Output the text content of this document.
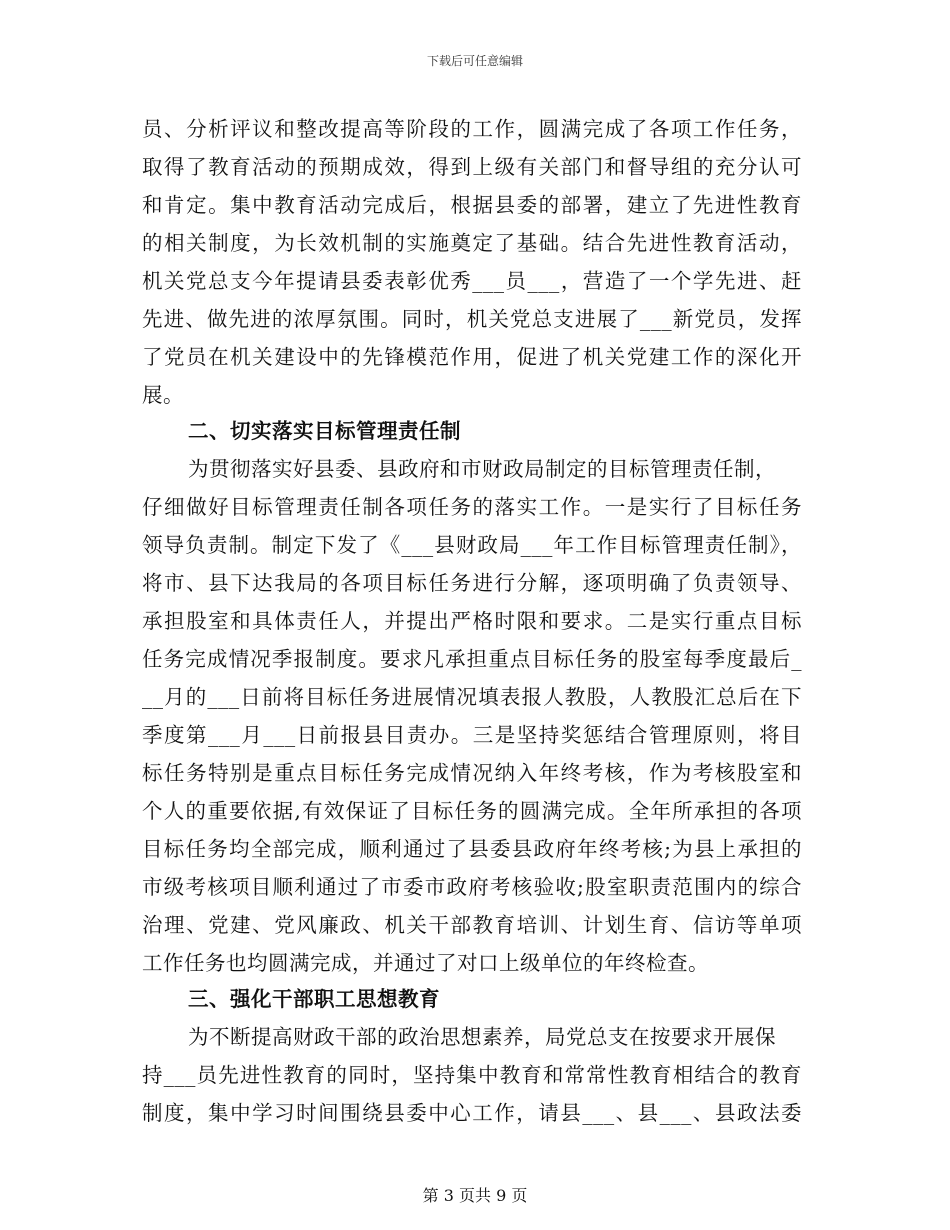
下载后可任意编辑
员、分析评议和整改提高等阶段的工作，圆满完成了各项工作任务，
取得了教育活动的预期成效，得到上级有关部门和督导组的充分认可
和肯定。集中教育活动完成后，根据县委的部署，建立了先进性教育
的相关制度，为长效机制的实施奠定了基础。结合先进性教育活动，
机关党总支今年提请县委表彰优秀___员___，营造了一个学先进、赶
先进、做先进的浓厚氛围。同时，机关党总支进展了___新党员，发挥
了党员在机关建设中的先锋模范作用，促进了机关党建工作的深化开
展。
二、切实落实目标管理责任制
为贯彻落实好县委、县政府和市财政局制定的目标管理责任制，
仔细做好目标管理责任制各项任务的落实工作。一是实行了目标任务
领导负责制。制定下发了《___县财政局___年工作目标管理责任制》，
将市、县下达我局的各项目标任务进行分解，逐项明确了负责领导、
承担股室和具体责任人，并提出严格时限和要求。二是实行重点目标
任务完成情况季报制度。要求凡承担重点目标任务的股室每季度最后_
__月的___日前将目标任务进展情况填表报人教股，人教股汇总后在下
季度第___月___日前报县目责办。三是坚持奖惩结合管理原则，将目
标任务特别是重点目标任务完成情况纳入年终考核，作为考核股室和
个人的重要依据,有效保证了目标任务的圆满完成。全年所承担的各项
目标任务均全部完成，顺利通过了县委县政府年终考核;为县上承担的
市级考核项目顺利通过了市委市政府考核验收;股室职责范围内的综合
治理、党建、党风廉政、机关干部教育培训、计划生育、信访等单项
工作任务也均圆满完成，并通过了对口上级单位的年终检查。
三、强化干部职工思想教育
为不断提高财政干部的政治思想素养，局党总支在按要求开展保
持___员先进性教育的同时，坚持集中教育和常常性教育相结合的教育
制度，集中学习时间围绕县委中心工作，请县___、县___、县政法委
第 3 页共 9 页
